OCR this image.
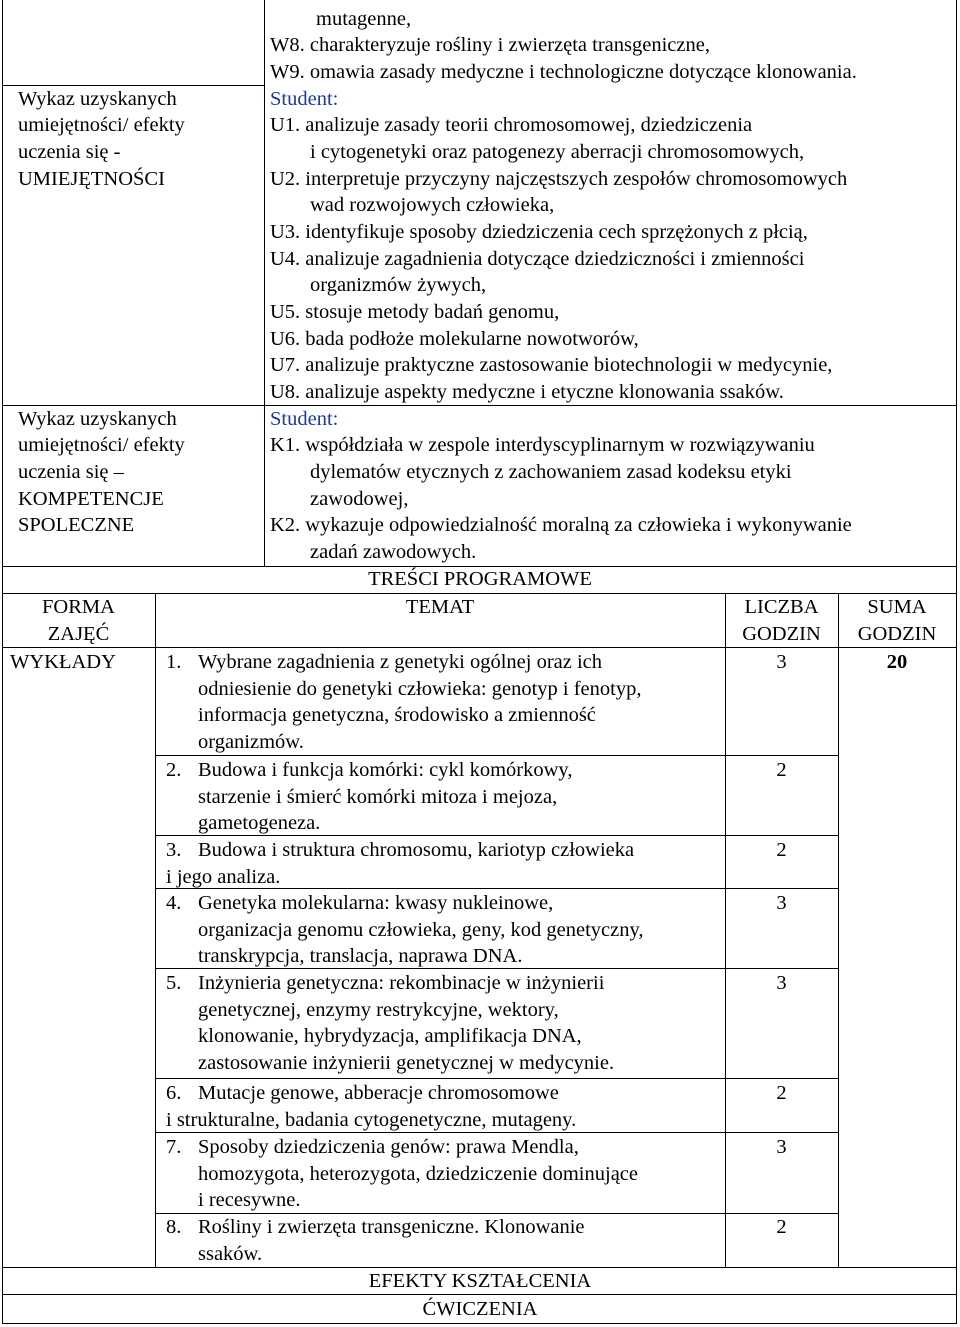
mutagenne,
W8. charakteryzuje rośliny i zwierzęta transgeniczne,
W9. omawia zasady medyczne i technologiczne dotyczące klonowania.
Wykaz uzyskanych
umiejętności/ efekty
uczenia się -
UMIEJĘTNOŚCI
Student:
U1. analizuje zasady teorii chromosomowej, dziedziczenia
i cytogenetyki oraz patogenezy aberracji chromosomowych,
U2. interpretuje przyczyny najczęstszych zespołów chromosomowych
wad rozwojowych człowieka,
U3. identyfikuje sposoby dziedziczenia cech sprzężonych z płcią,
U4. analizuje zagadnienia dotyczące dziedziczności i zmienności
organizmów żywych,
U5. stosuje metody badań genomu,
U6. bada podłoże molekularne nowotworów,
U7. analizuje praktyczne zastosowanie biotechnologii w medycynie,
U8. analizuje aspekty medyczne i etyczne klonowania ssaków.
Wykaz uzyskanych
umiejętności/ efekty
uczenia się –
KOMPETENCJE
SPOLECZNE
Student:
K1. współdziała w zespole interdyscyplinarnym w rozwiązywaniu
dylematów etycznych z zachowaniem zasad kodeksu etyki
zawodowej,
K2. wykazuje odpowiedzialność moralną za człowieka i wykonywanie
zadań zawodowych.
TREŚCI PROGRAMOWE
FORMA
ZAJĘĆ
TEMAT	LICZBA
GODZIN
SUMA
GODZIN
WYKŁADY	20
1. Wybrane zagadnienia z genetyki ogólnej oraz ich
odniesienie do genetyki człowieka: genotyp i fenotyp,
informacja genetyczna, środowisko a zmienność
organizmów.
3
2. Budowa i funkcja komórki: cykl komórkowy,
starzenie i śmierć komórki mitoza i mejoza,
gametogeneza.
2
3. Budowa i struktura chromosomu, kariotyp człowieka
i jego analiza.
2
4. Genetyka molekularna: kwasy nukleinowe,
organizacja genomu człowieka, geny, kod genetyczny,
transkrypcja, translacja, naprawa DNA.
3
5. Inżynieria genetyczna: rekombinacje w inżynierii
genetycznej, enzymy restrykcyjne, wektory,
klonowanie, hybrydyzacja, amplifikacja DNA,
zastosowanie inżynierii genetycznej w medycynie.
3
6. Mutacje genowe, abberacje chromosomowe
i strukturalne, badania cytogenetyczne, mutageny.
2
7. Sposoby dziedziczenia genów: prawa Mendla,
homozygota, heterozygota, dziedziczenie dominujące
i recesywne.
3
8. Rośliny i zwierzęta transgeniczne. Klonowanie
ssaków.
2
EFEKTY KSZTAŁCENIA
ĆWICZENIA
